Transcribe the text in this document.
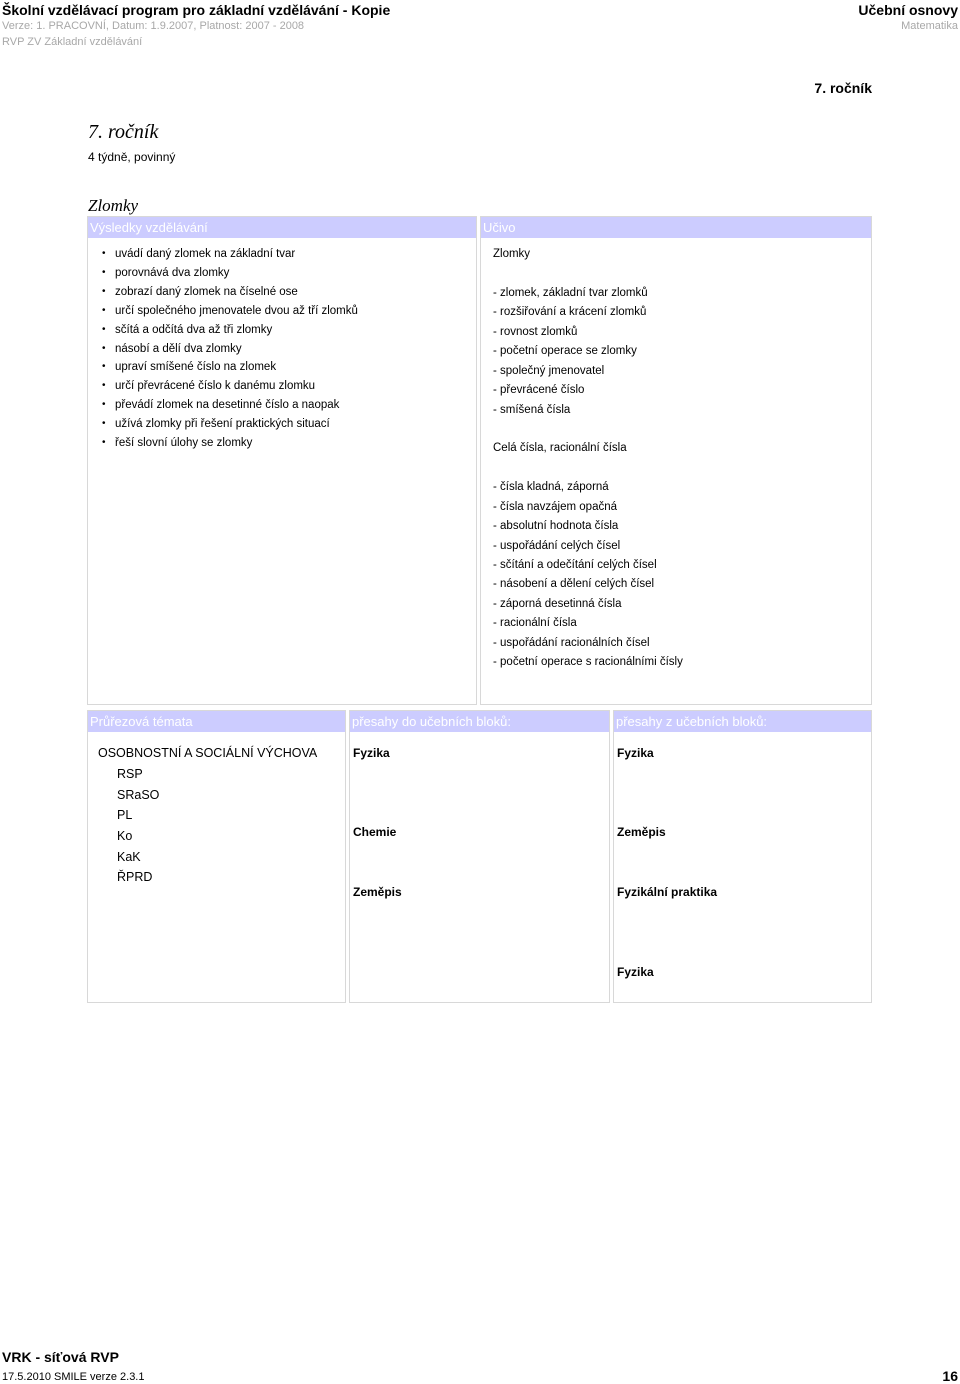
Školní vzdělávací program pro základní vzdělávání - Kopie
Verze: 1. PRACOVNÍ, Datum: 1.9.2007, Platnost: 2007 - 2008
RVP ZV Základní vzdělávání
Učební osnovy
Matematika
7. ročník
7. ročník
4 týdně, povinný
Zlomky
Výsledky vzdělávání
• uvádí daný zlomek na základní tvar
• porovnává dva zlomky
• zobrazí daný zlomek na číselné ose
• určí společného jmenovatele dvou až tří zlomků
• sčítá a odčítá dva až tři zlomky
• násobí a dělí dva zlomky
• upraví smíšené číslo na zlomek
• určí převrácené číslo k danému zlomku
• převádí zlomek na desetinné číslo a naopak
• užívá zlomky při řešení praktických situací
• řeší slovní úlohy se zlomky
Učivo
Zlomky
- zlomek, základní tvar zlomků
- rozšiřování a krácení zlomků
- rovnost zlomků
- početní operace se zlomky
- společný jmenovatel
- převrácené číslo
- smíšená čísla
Celá čísla, racionální čísla
- čísla kladná, záporná
- čísla navzájem opačná
- absolutní hodnota čísla
- uspořádání celých čísel
- sčítání a odečítání celých čísel
- násobení a dělení celých čísel
- záporná desetinná čísla
- racionální čísla
- uspořádání racionálních čísel
- početní operace s racionálními čísly
Průřezová témata
OSOBNOSTNÍ A SOCIÁLNÍ VÝCHOVA
RSP
SRaSO
PL
Ko
KaK
ŘPRD
přesahy do učebních bloků:
Fyzika
Chemie
Zeměpis
přesahy z učebních bloků:
Fyzika
Zeměpis
Fyzikální praktika
Fyzika
VRK - síťová RVP
17.5.2010 SMILE verze 2.3.1	16
